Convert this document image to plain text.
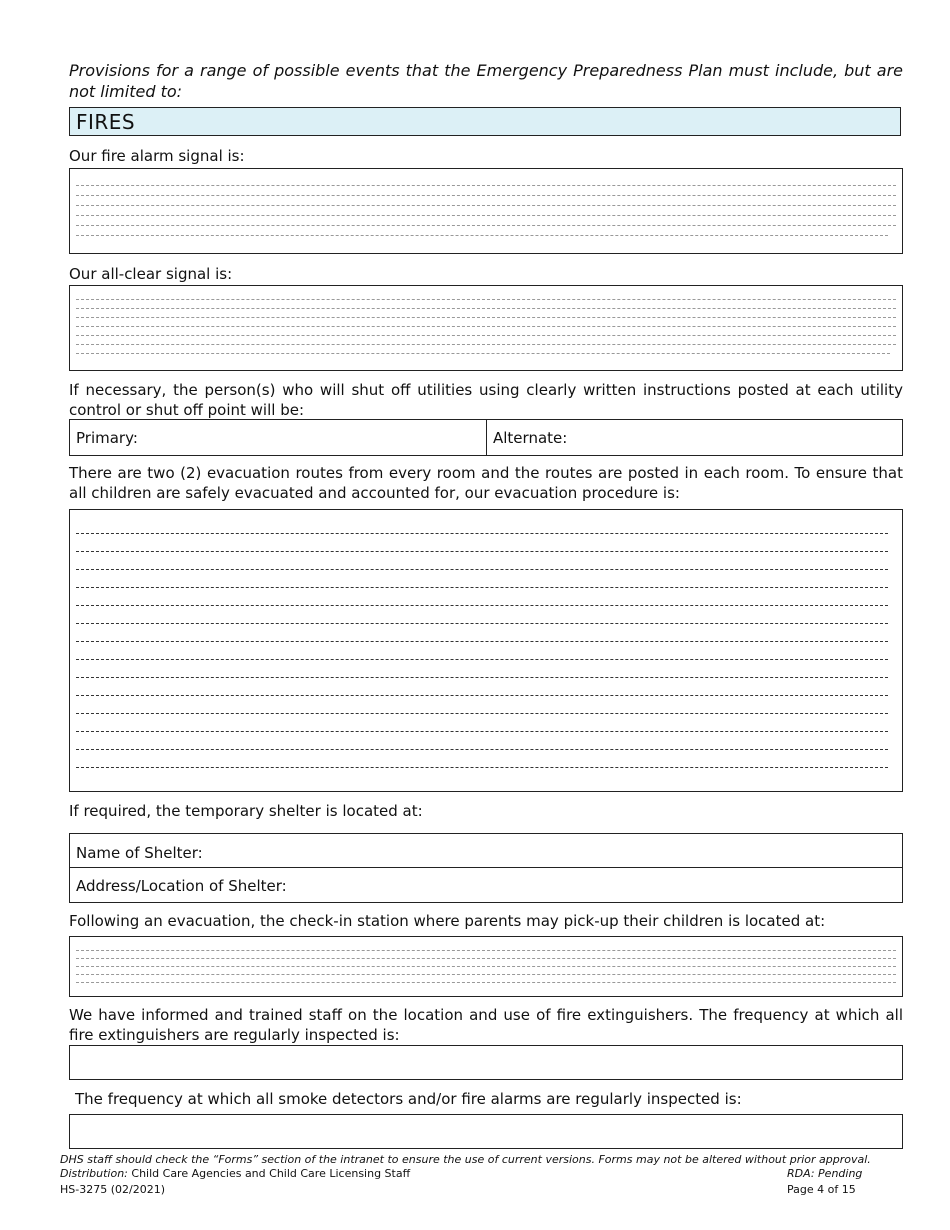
Provisions for a range of possible events that the Emergency Preparedness Plan must include, but are not limited to:
FIRES
Our fire alarm signal is:
Our all-clear signal is:
If necessary, the person(s) who will shut off utilities using clearly written instructions posted at each utility control or shut off point will be:
Primary:	Alternate:
There are two (2) evacuation routes from every room and the routes are posted in each room. To ensure that all children are safely evacuated and accounted for, our evacuation procedure is:
If required, the temporary shelter is located at:
Name of Shelter:
Address/Location of Shelter:
Following an evacuation, the check-in station where parents may pick-up their children is located at:
We have informed and trained staff on the location and use of fire extinguishers. The frequency at which all fire extinguishers are regularly inspected is:
The frequency at which all smoke detectors and/or fire alarms are regularly inspected is:
DHS staff should check the “Forms” section of the intranet to ensure the use of current versions. Forms may not be altered without prior approval.
Distribution: Child Care Agencies and Child Care Licensing Staff	RDA: Pending
HS-3275 (02/2021)	Page 4 of 15
